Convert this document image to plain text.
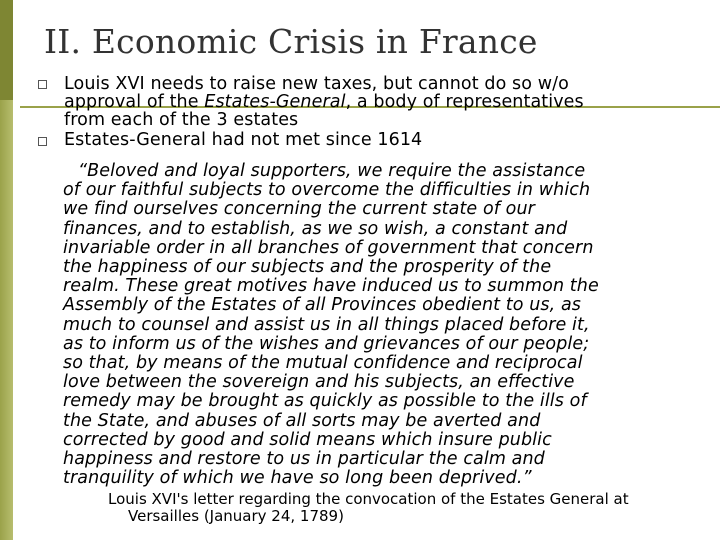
II. Economic Crisis in France
Louis XVI needs to raise new taxes, but cannot do so w/o
approval of the Estates-General, a body of representatives
from each of the 3 estates
Estates-General had not met since 1614
“Beloved and loyal supporters, we require the assistance
of our faithful subjects to overcome the difficulties in which
we find ourselves concerning the current state of our
finances, and to establish, as we so wish, a constant and
invariable order in all branches of government that concern
the happiness of our subjects and the prosperity of the
realm. These great motives have induced us to summon the
Assembly of the Estates of all Provinces obedient to us, as
much to counsel and assist us in all things placed before it,
as to inform us of the wishes and grievances of our people;
so that, by means of the mutual confidence and reciprocal
love between the sovereign and his subjects, an effective
remedy may be brought as quickly as possible to the ills of
the State, and abuses of all sorts may be averted and
corrected by good and solid means which insure public
happiness and restore to us in particular the calm and
tranquility of which we have so long been deprived.”
Louis XVI's letter regarding the convocation of the Estates General at
Versailles (January 24, 1789)
